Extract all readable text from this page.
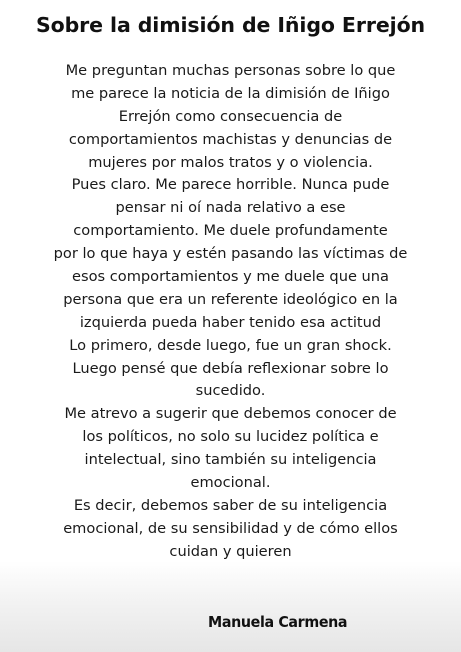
Sobre la dimisión de Iñigo Errejón
Me preguntan muchas personas sobre lo que
me parece la noticia de la dimisión de Iñigo
Errejón como consecuencia de
comportamientos machistas y denuncias de
mujeres por malos tratos y o violencia.
Pues claro. Me parece horrible. Nunca pude
pensar ni oí nada relativo a ese
comportamiento. Me duele profundamente
por lo que haya y estén pasando las víctimas de
esos comportamientos y me duele que una
persona que era un referente ideológico en la
izquierda pueda haber tenido esa actitud
Lo primero, desde luego, fue un gran shock.
Luego pensé que debía reflexionar sobre lo
sucedido.
Me atrevo a sugerir que debemos conocer de
los políticos, no solo su lucidez política e
intelectual, sino también su inteligencia
emocional.
Es decir, debemos saber de su inteligencia
emocional, de su sensibilidad y de cómo ellos
cuidan y quieren
Manuela Carmena
